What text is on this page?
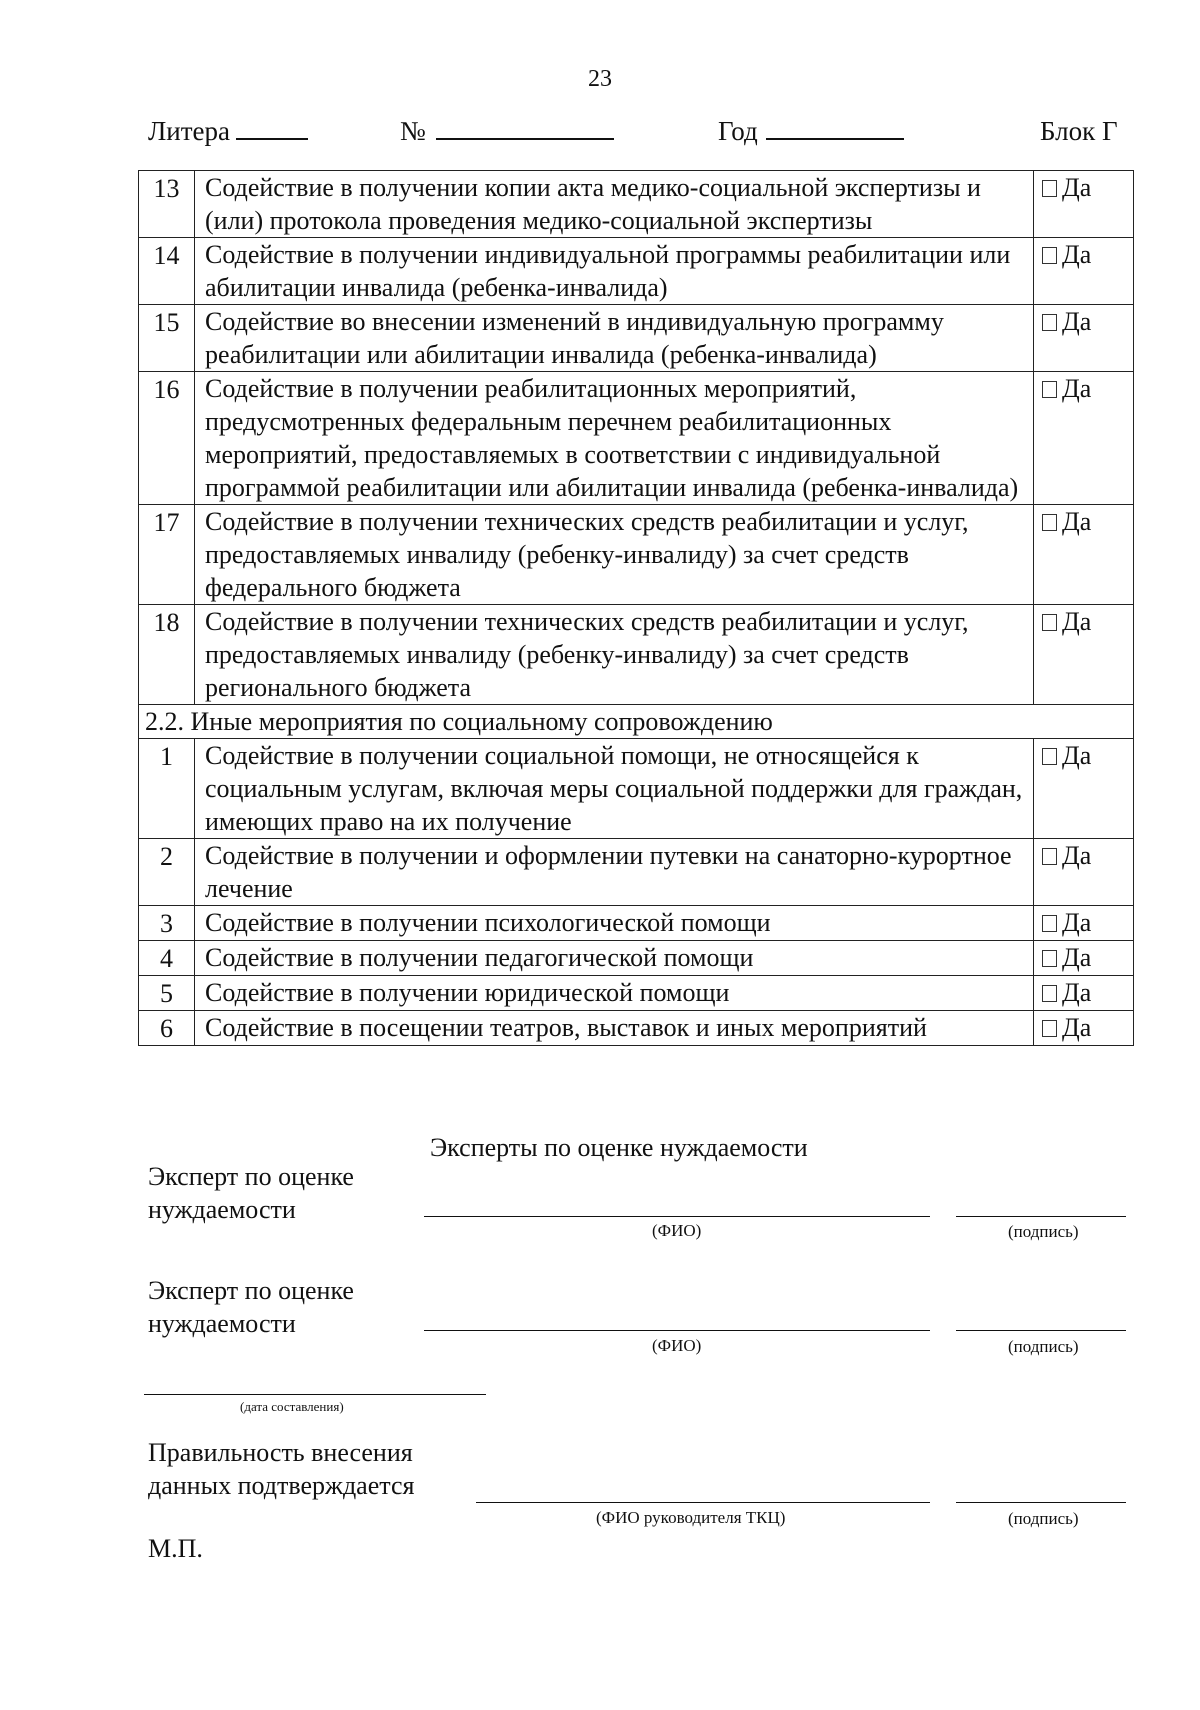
23
Литера	№	Год	Блок Г
13	Содействие в получении копии акта медико-социальной экспертизы и (или) протокола проведения медико-социальной экспертизы	Да
14	Содействие в получении индивидуальной программы реабилитации или абилитации инвалида (ребенка-инвалида)	Да
15	Содействие во внесении изменений в индивидуальную программу реабилитации или абилитации инвалида (ребенка-инвалида)	Да
16	Содействие в получении реабилитационных мероприятий, предусмотренных федеральным перечнем реабилитационных мероприятий, предоставляемых в соответствии с индивидуальной программой реабилитации или абилитации инвалида (ребенка-инвалида)	Да
17	Содействие в получении технических средств реабилитации и услуг, предоставляемых инвалиду (ребенку-инвалиду) за счет средств федерального бюджета	Да
18	Содействие в получении технических средств реабилитации и услуг, предоставляемых инвалиду (ребенку-инвалиду) за счет средств регионального бюджета	Да
2.2. Иные мероприятия по социальному сопровождению		
1	Содействие в получении социальной помощи, не относящейся к социальным услугам, включая меры социальной поддержки для граждан, имеющих право на их получение	Да
2	Содействие в получении и оформлении путевки на санаторно-курортное лечение	Да
3	Содействие в получении психологической помощи	Да
4	Содействие в получении педагогической помощи	Да
5	Содействие в получении юридической помощи	Да
6	Содействие в посещении театров, выставок и иных мероприятий	Да
Эксперты по оценке нуждаемости
Эксперт по оценке
нуждаемости
(ФИО)	(подпись)
Эксперт по оценке
нуждаемости
(ФИО)	(подпись)
(дата составления)
Правильность внесения
данных подтверждается
(ФИО руководителя ТКЦ)	(подпись)
М.П.
